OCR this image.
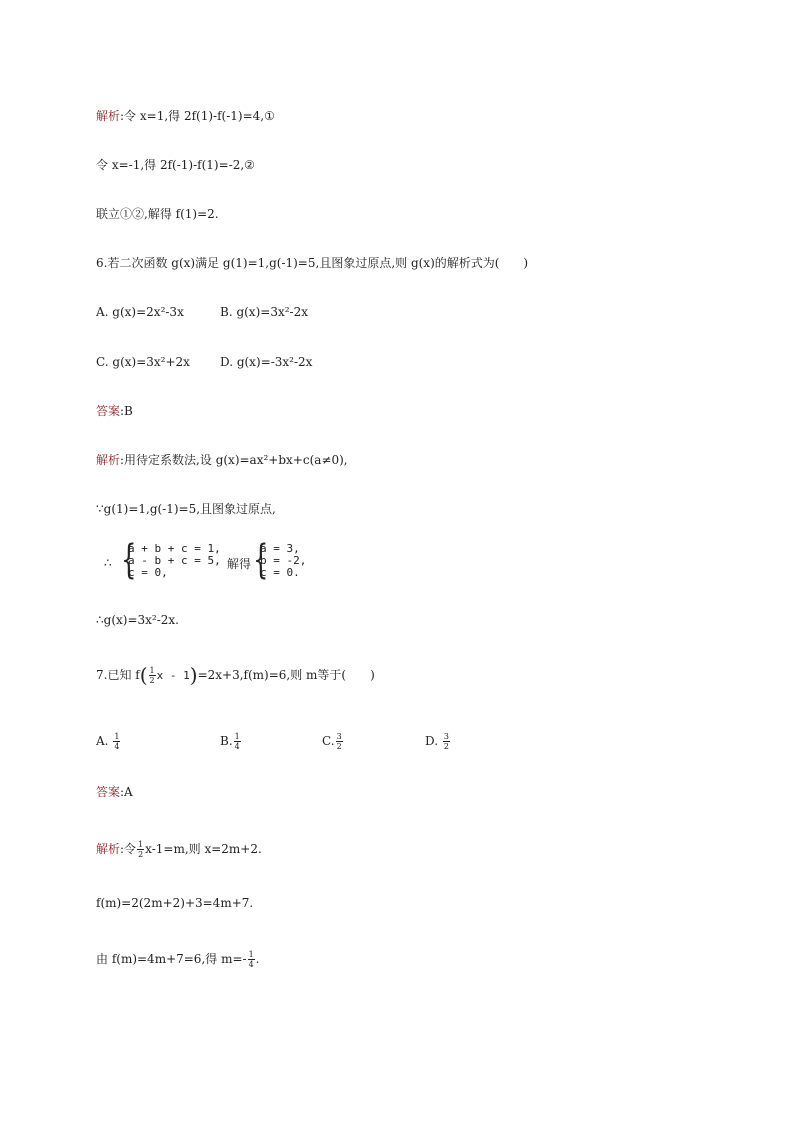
解析:令 x=1,得 2f(1)-f(-1)=4,①
令 x=-1,得 2f(-1)-f(1)=-2,②
联立①②,解得 f(1)=2.
6.若二次函数 g(x)满足 g(1)=1,g(-1)=5,且图象过原点,则 g(x)的解析式为(　　)
A. g(x)=2x²-3x	B. g(x)=3x²-2x
C. g(x)=3x²+2x	D. g(x)=-3x²-2x
答案:B
解析:用待定系数法,设 g(x)=ax²+bx+c(a≠0),
∵g(1)=1,g(-1)=5,且图象过原点,
∴ {
a + b + c = 1,
a - b + c = 5,
c = 0,
解得 {
a = 3,
b = -2,
c = 0.
∴g(x)=3x²-2x.
7.已知 $f( \frac{1}{2}$ x - 1)=2x+3,f(m)=6,则 m等于(　　)
A. $\frac{1}{4}$	B. $\frac{1}{4}$	C. $\frac{3}{2}$	D. $\frac{3}{2}$
答案:A
解析:令 $\frac{1}{2} x-1=m$,则 x=2m+2.
f(m)=2(2m+2)+3=4m+7.
由 f(m)=4m+7=6,得 $m=- \frac{1}{4}$ .
